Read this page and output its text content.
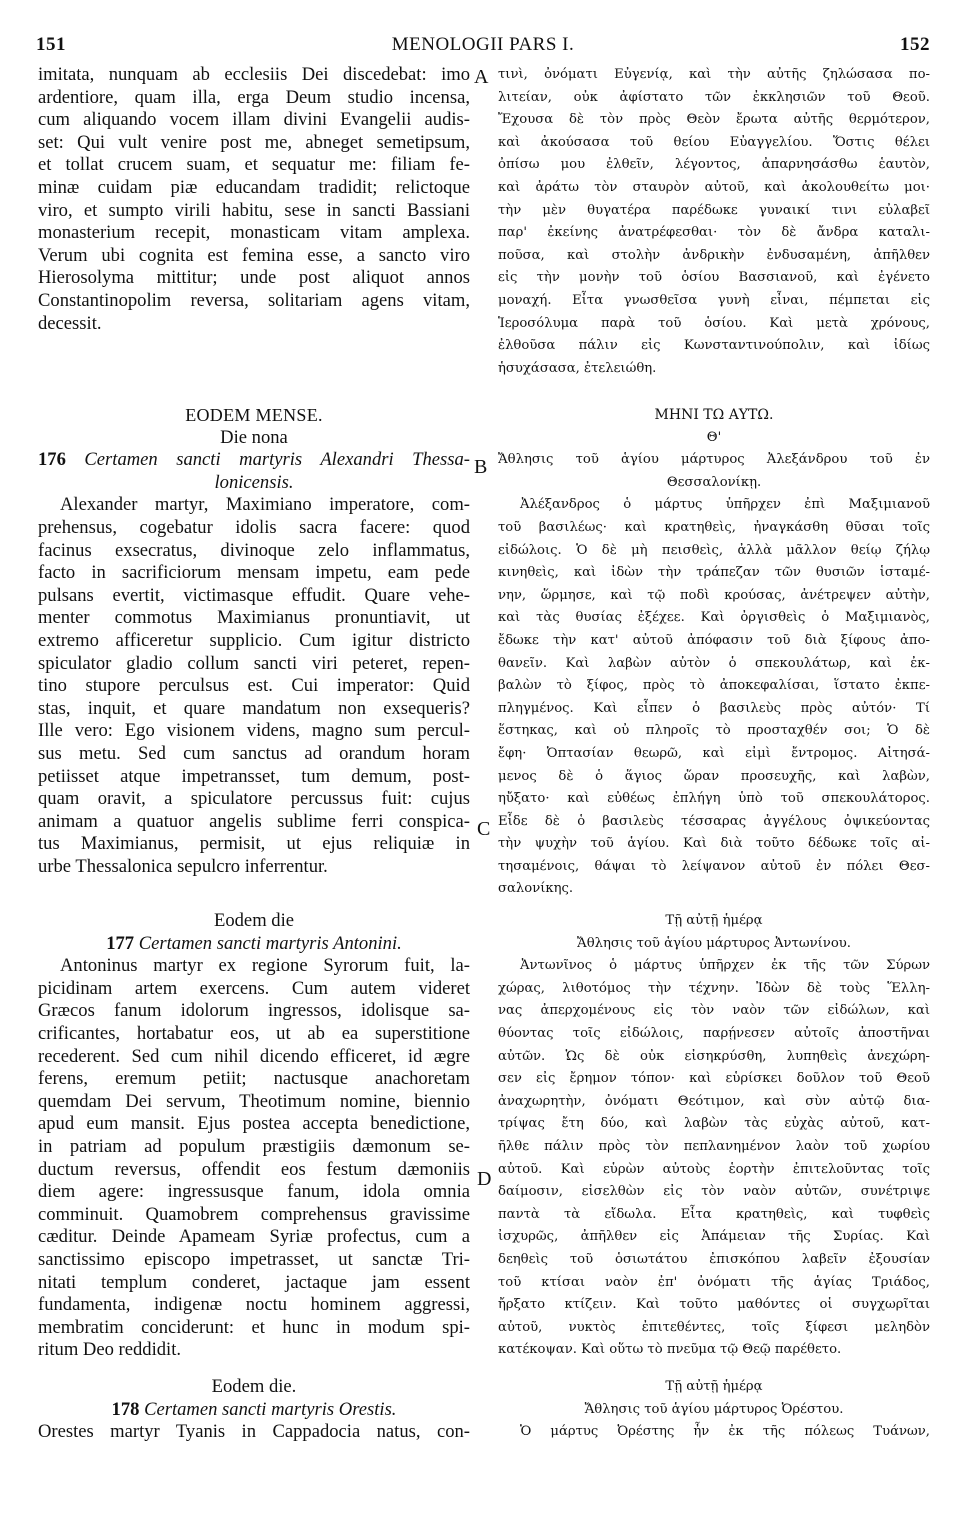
151	MENOLOGII PARS I.	152
A
B
C
D
imitata, nunquam ab ecclesiis Dei discedebat: imo
ardentiore, quam illa, erga Deum studio incensa,
cum aliquando vocem illam divini Evangelii audis-
set: Qui vult venire post me, abneget semetipsum,
et tollat crucem suam, et sequatur me: filiam fe-
minæ cuidam piæ educandam tradidit; relictoque
viro, et sumpto virili habitu, sese in sancti Bassiani
monasterium recepit, monasticam vitam amplexa.
Verum ubi cognita est femina esse, a sancto viro
Hierosolyma mittitur; unde post aliquot annos
Constantinopolim reversa, solitariam agens vitam,
decessit.
EODEM MENSE.
Die nona
176 Certamen sancti martyris Alexandri Thessa-
lonicensis.
Alexander martyr, Maximiano imperatore, com-
prehensus, cogebatur idolis sacra facere: quod
facinus exsecratus, divinoque zelo inflammatus,
facto in sacrificiorum mensam impetu, eam pede
pulsans evertit, victimasque effudit. Quare vehe-
menter commotus Maximianus pronuntiavit, ut
extremo afficeretur supplicio. Cum igitur districto
spiculator gladio collum sancti viri peteret, repen-
tino stupore perculsus est. Cui imperator: Quid
stas, inquit, et quare mandatum non exsequeris?
Ille vero: Ego visionem videns, magno sum percul-
sus metu. Sed cum sanctus ad orandum horam
petiisset atque impetransset, tum demum, post-
quam oravit, a spiculatore percussus fuit: cujus
animam a quatuor angelis sublime ferri conspica-
tus Maximianus, permisit, ut ejus reliquiæ in
urbe Thessalonica sepulcro inferrentur.
Eodem die
177 Certamen sancti martyris Antonini.
Antoninus martyr ex regione Syrorum fuit, la-
picidinam artem exercens. Cum autem videret
Græcos fanum idolorum ingressos, idolisque sa-
crificantes, hortabatur eos, ut ab ea superstitione
recederent. Sed cum nihil dicendo efficeret, id ægre
ferens, eremum petiit; nactusque anachoretam
quemdam Dei servum, Theotimum nomine, biennio
apud eum mansit. Ejus postea accepta benedictione,
in patriam ad populum præstigiis dæmonum se-
ductum reversus, offendit eos festum dæmoniis
diem agere: ingressusque fanum, idola omnia
comminuit. Quamobrem comprehensus gravissime
cæditur. Deinde Apameam Syriæ profectus, cum a
sanctissimo episcopo impetrasset, ut sanctæ Tri-
nitati templum conderet, jactaque jam essent
fundamenta, indigenæ noctu hominem aggressi,
membratim conciderunt: et hunc in modum spi-
ritum Deo reddidit.
Eodem die.
178 Certamen sancti martyris Orestis.
Orestes martyr Tyanis in Cappadocia natus, con-
τινὶ, ὀνόματι Εὐγενίᾳ, καὶ τὴν αὐτῆς ζηλώσασα πο-
λιτείαν, οὐκ ἀφίστατο τῶν ἐκκλησιῶν τοῦ Θεοῦ.
Ἔχουσα δὲ τὸν πρὸς Θεὸν ἔρωτα αὐτῆς θερμότερον,
καὶ ἀκούσασα τοῦ θείου Εὐαγγελίου. Ὅστις θέλει
ὀπίσω μου ἐλθεῖν, λέγοντος, ἀπαρνησάσθω ἑαυτὸν,
καὶ ἀράτω τὸν σταυρὸν αὐτοῦ, καὶ ἀκολουθείτω μοι·
τὴν μὲν θυγατέρα παρέδωκε γυναικί τινι εὐλαβεῖ
παρ' ἐκείνης ἀνατρέφεσθαι· τὸν δὲ ἄνδρα καταλι-
ποῦσα, καὶ στολὴν ἀνδρικὴν ἐνδυσαμένη, ἀπῆλθεν
εἰς τὴν μονὴν τοῦ ὁσίου Βασσιανοῦ, καὶ ἐγένετο
μοναχή. Εἶτα γνωσθεῖσα γυνὴ εἶναι, πέμπεται εἰς
Ἱεροσόλυμα παρὰ τοῦ ὁσίου. Καὶ μετὰ χρόνους,
ἐλθοῦσα πάλιν εἰς Κωνσταντινούπολιν, καὶ ἰδίως
ἡσυχάσασα, ἐτελειώθη.
ΜΗΝΙ ΤΩ ΑΥΤΩ.
Θ'
Ἄθλησις τοῦ ἁγίου μάρτυρος Ἀλεξάνδρου τοῦ ἐν
Θεσσαλονίκῃ.
Ἀλέξανδρος ὁ μάρτυς ὑπῆρχεν ἐπὶ Μαξιμιανοῦ
τοῦ βασιλέως· καὶ κρατηθεὶς, ἠναγκάσθη θῦσαι τοῖς
εἰδώλοις. Ὁ δὲ μὴ πεισθεὶς, ἀλλὰ μᾶλλον θείῳ ζήλῳ
κινηθεὶς, καὶ ἰδὼν τὴν τράπεζαν τῶν θυσιῶν ἱσταμέ-
νην, ὥρμησε, καὶ τῷ ποδὶ κρούσας, ἀνέτρεψεν αὐτὴν,
καὶ τὰς θυσίας ἐξέχεε. Καὶ ὀργισθεὶς ὁ Μαξιμιανὸς,
ἔδωκε τὴν κατ' αὐτοῦ ἀπόφασιν τοῦ διὰ ξίφους ἀπο-
θανεῖν. Καὶ λαβὼν αὐτὸν ὁ σπεκουλάτωρ, καὶ ἐκ-
βαλὼν τὸ ξίφος, πρὸς τὸ ἀποκεφαλίσαι, ἵστατο ἐκπε-
πληγμένος. Καὶ εἶπεν ὁ βασιλεὺς πρὸς αὐτόν· Τί
ἕστηκας, καὶ οὐ πληροῖς τὸ προσταχθέν σοι; Ὁ δὲ
ἔφη· Ὀπτασίαν θεωρῶ, καὶ εἰμὶ ἔντρομος. Αἰτησά-
μενος δὲ ὁ ἅγιος ὥραν προσευχῆς, καὶ λαβὼν,
ηὔξατο· καὶ εὐθέως ἐπλήγη ὑπὸ τοῦ σπεκουλάτορος.
Εἶδε δὲ ὁ βασιλεὺς τέσσαρας ἀγγέλους ὀψικεύοντας
τὴν ψυχὴν τοῦ ἁγίου. Καὶ διὰ τοῦτο δέδωκε τοῖς αἰ-
τησαμένοις, θάψαι τὸ λείψανον αὐτοῦ ἐν πόλει Θεσ-
σαλονίκης.
Τῇ αὐτῇ ἡμέρᾳ
Ἄθλησις τοῦ ἁγίου μάρτυρος Ἀντωνίνου.
Ἀντωνῖνος ὁ μάρτυς ὑπῆρχεν ἐκ τῆς τῶν Σύρων
χώρας, λιθοτόμος τὴν τέχνην. Ἰδὼν δὲ τοὺς Ἕλλη-
νας ἀπερχομένους εἰς τὸν ναὸν τῶν εἰδώλων, καὶ
θύοντας τοῖς εἰδώλοις, παρῄνεσεν αὐτοῖς ἀποστῆναι
αὐτῶν. Ὡς δὲ οὐκ εἰσηκρύσθη, λυπηθεὶς ἀνεχώρη-
σεν εἰς ἔρημον τόπον· καὶ εὑρίσκει δοῦλον τοῦ Θεοῦ
ἀναχωρητὴν, ὀνόματι Θεότιμον, καὶ σὺν αὐτῷ δια-
τρίψας ἔτη δύο, καὶ λαβὼν τὰς εὐχὰς αὐτοῦ, κατ-
ῆλθε πάλιν πρὸς τὸν πεπλανημένον λαὸν τοῦ χωρίου
αὐτοῦ. Καὶ εὑρὼν αὐτοὺς ἑορτὴν ἐπιτελοῦντας τοῖς
δαίμοσιν, εἰσελθὼν εἰς τὸν ναὸν αὐτῶν, συνέτριψε
παντὰ τὰ εἴδωλα. Εἶτα κρατηθεὶς, καὶ τυφθεὶς
ἰσχυρῶς, ἀπῆλθεν εἰς Ἀπάμειαν τῆς Συρίας. Καὶ
δεηθεὶς τοῦ ὁσιωτάτου ἐπισκόπου λαβεῖν ἐξουσίαν
τοῦ κτίσαι ναὸν ἐπ' ὀνόματι τῆς ἁγίας Τριάδος,
ἤρξατο κτίζειν. Καὶ τοῦτο μαθόντες οἱ συγχωρῖται
αὐτοῦ, νυκτὸς ἐπιτεθέντες, τοῖς ξίφεσι μεληδὸν
κατέκοψαν. Καὶ οὕτω τὸ πνεῦμα τῷ Θεῷ παρέθετο.
Τῇ αὐτῇ ἡμέρᾳ
Ἄθλησις τοῦ ἁγίου μάρτυρος Ὀρέστου.
Ὁ μάρτυς Ὀρέστης ἦν ἐκ τῆς πόλεως Τυάνων,
